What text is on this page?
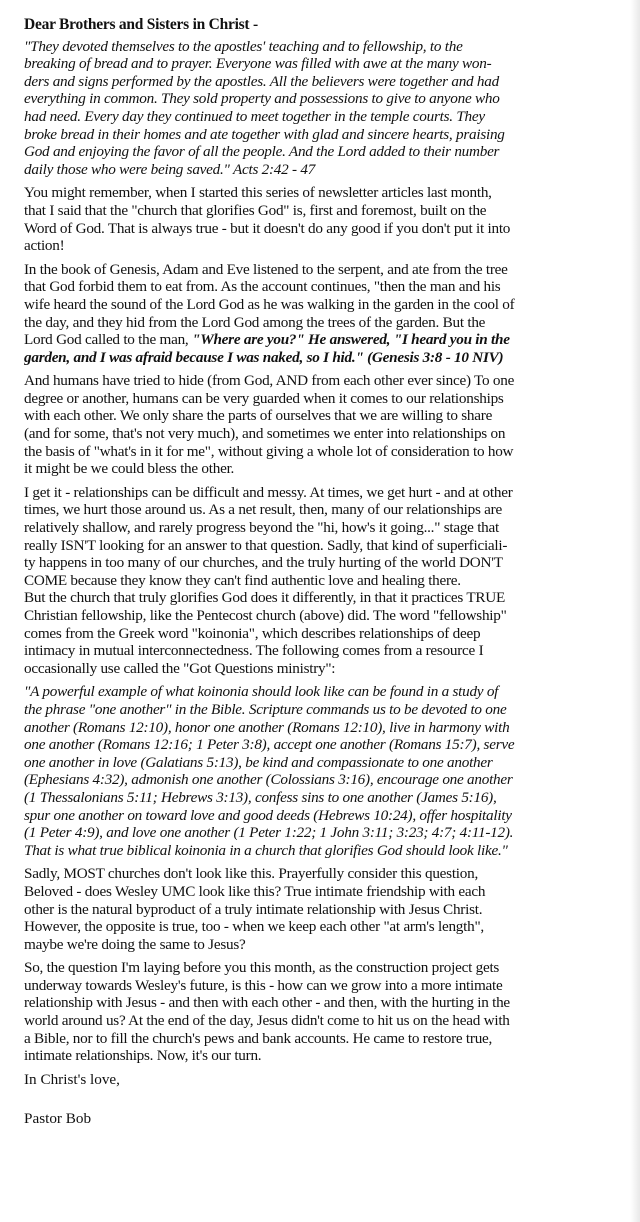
Dear Brothers and Sisters in Christ -
"They devoted themselves to the apostles' teaching and to fellowship, to the
breaking of bread and to prayer. Everyone was filled with awe at the many won-
ders and signs performed by the apostles. All the believers were together and had
everything in common. They sold property and possessions to give to anyone who
had need. Every day they continued to meet together in the temple courts. They
broke bread in their homes and ate together with glad and sincere hearts, praising
God and enjoying the favor of all the people. And the Lord added to their number
daily those who were being saved." Acts 2:42 - 47
You might remember, when I started this series of newsletter articles last month,
that I said that the "church that glorifies God" is, first and foremost, built on the
Word of God. That is always true - but it doesn't do any good if you don't put it into
action!
In the book of Genesis, Adam and Eve listened to the serpent, and ate from the tree
that God forbid them to eat from. As the account continues, "then the man and his
wife heard the sound of the Lord God as he was walking in the garden in the cool of
the day, and they hid from the Lord God among the trees of the garden. But the
Lord God called to the man, "Where are you?" He answered, "I heard you in the
garden, and I was afraid because I was naked, so I hid." (Genesis 3:8 - 10 NIV)
And humans have tried to hide (from God, AND from each other ever since) To one
degree or another, humans can be very guarded when it comes to our relationships
with each other. We only share the parts of ourselves that we are willing to share
(and for some, that's not very much), and sometimes we enter into relationships on
the basis of "what's in it for me", without giving a whole lot of consideration to how
it might be we could bless the other.
I get it - relationships can be difficult and messy. At times, we get hurt - and at other
times, we hurt those around us. As a net result, then, many of our relationships are
relatively shallow, and rarely progress beyond the "hi, how's it going..." stage that
really ISN'T looking for an answer to that question. Sadly, that kind of superficiali-
ty happens in too many of our churches, and the truly hurting of the world DON'T
COME because they know they can't find authentic love and healing there.
But the church that truly glorifies God does it differently, in that it practices TRUE
Christian fellowship, like the Pentecost church (above) did. The word "fellowship"
comes from the Greek word "koinonia", which describes relationships of deep
intimacy in mutual interconnectedness. The following comes from a resource I
occasionally use called the "Got Questions ministry":
"A powerful example of what koinonia should look like can be found in a study of
the phrase "one another" in the Bible. Scripture commands us to be devoted to one
another (Romans 12:10), honor one another (Romans 12:10), live in harmony with
one another (Romans 12:16; 1 Peter 3:8), accept one another (Romans 15:7), serve
one another in love (Galatians 5:13), be kind and compassionate to one another
(Ephesians 4:32), admonish one another (Colossians 3:16), encourage one another
(1 Thessalonians 5:11; Hebrews 3:13), confess sins to one another (James 5:16),
spur one another on toward love and good deeds (Hebrews 10:24), offer hospitality
(1 Peter 4:9), and love one another (1 Peter 1:22; 1 John 3:11; 3:23; 4:7; 4:11-12).
That is what true biblical koinonia in a church that glorifies God should look like."
Sadly, MOST churches don't look like this. Prayerfully consider this question,
Beloved - does Wesley UMC look like this? True intimate friendship with each
other is the natural byproduct of a truly intimate relationship with Jesus Christ.
However, the opposite is true, too - when we keep each other "at arm's length",
maybe we're doing the same to Jesus?
So, the question I'm laying before you this month, as the construction project gets
underway towards Wesley's future, is this - how can we grow into a more intimate
relationship with Jesus - and then with each other - and then, with the hurting in the
world around us? At the end of the day, Jesus didn't come to hit us on the head with
a Bible, nor to fill the church's pews and bank accounts. He came to restore true,
intimate relationships. Now, it's our turn.
In Christ's love,
Pastor Bob
